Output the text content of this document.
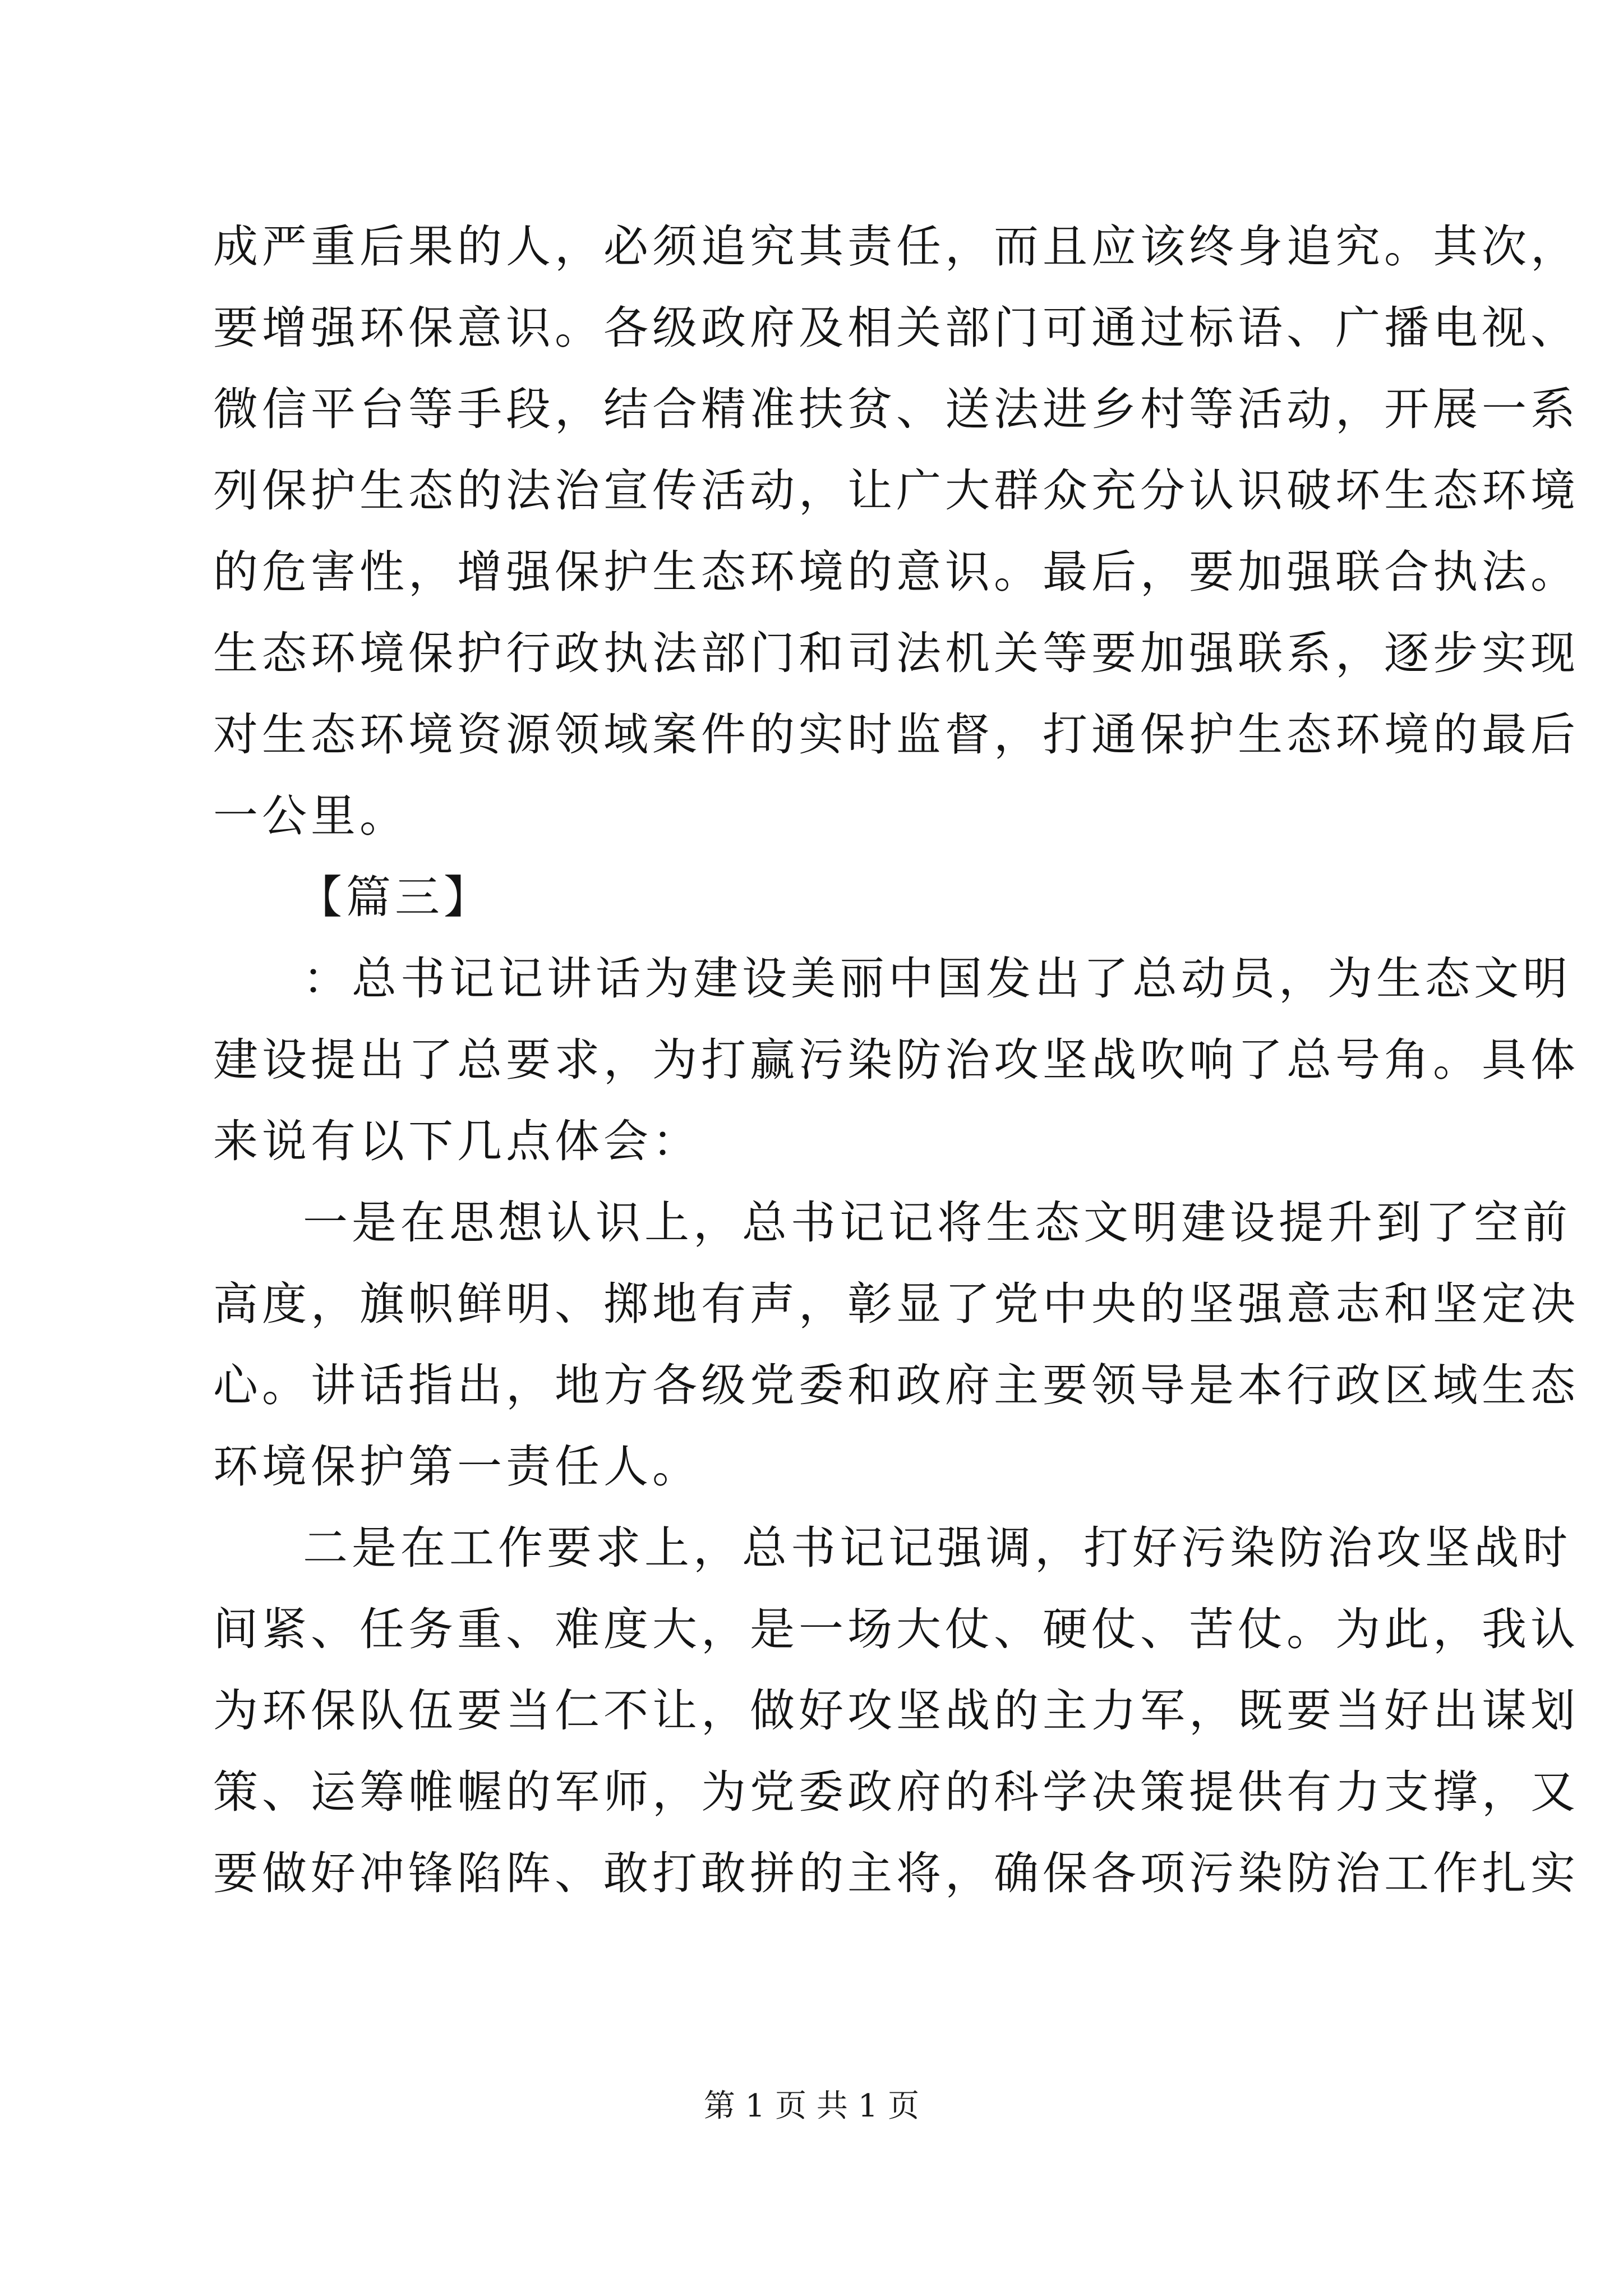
成严重后果的人，必须追究其责任，而且应该终身追究。其次，
要增强环保意识。各级政府及相关部门可通过标语、广播电视、
微信平台等手段，结合精准扶贫、送法进乡村等活动，开展一系
列保护生态的法治宣传活动，让广大群众充分认识破坏生态环境
的危害性，增强保护生态环境的意识。最后，要加强联合执法。
生态环境保护行政执法部门和司法机关等要加强联系，逐步实现
对生态环境资源领域案件的实时监督，打通保护生态环境的最后
一公里。
【篇三】
：总书记记讲话为建设美丽中国发出了总动员，为生态文明
建设提出了总要求，为打赢污染防治攻坚战吹响了总号角。具体
来说有以下几点体会：
一是在思想认识上，总书记记将生态文明建设提升到了空前
高度，旗帜鲜明、掷地有声，彰显了党中央的坚强意志和坚定决
心。讲话指出，地方各级党委和政府主要领导是本行政区域生态
环境保护第一责任人。
二是在工作要求上，总书记记强调，打好污染防治攻坚战时
间紧、任务重、难度大，是一场大仗、硬仗、苦仗。为此，我认
为环保队伍要当仁不让，做好攻坚战的主力军，既要当好出谋划
策、运筹帷幄的军师，为党委政府的科学决策提供有力支撑，又
要做好冲锋陷阵、敢打敢拼的主将，确保各项污染防治工作扎实
第 1 页 共 1 页
